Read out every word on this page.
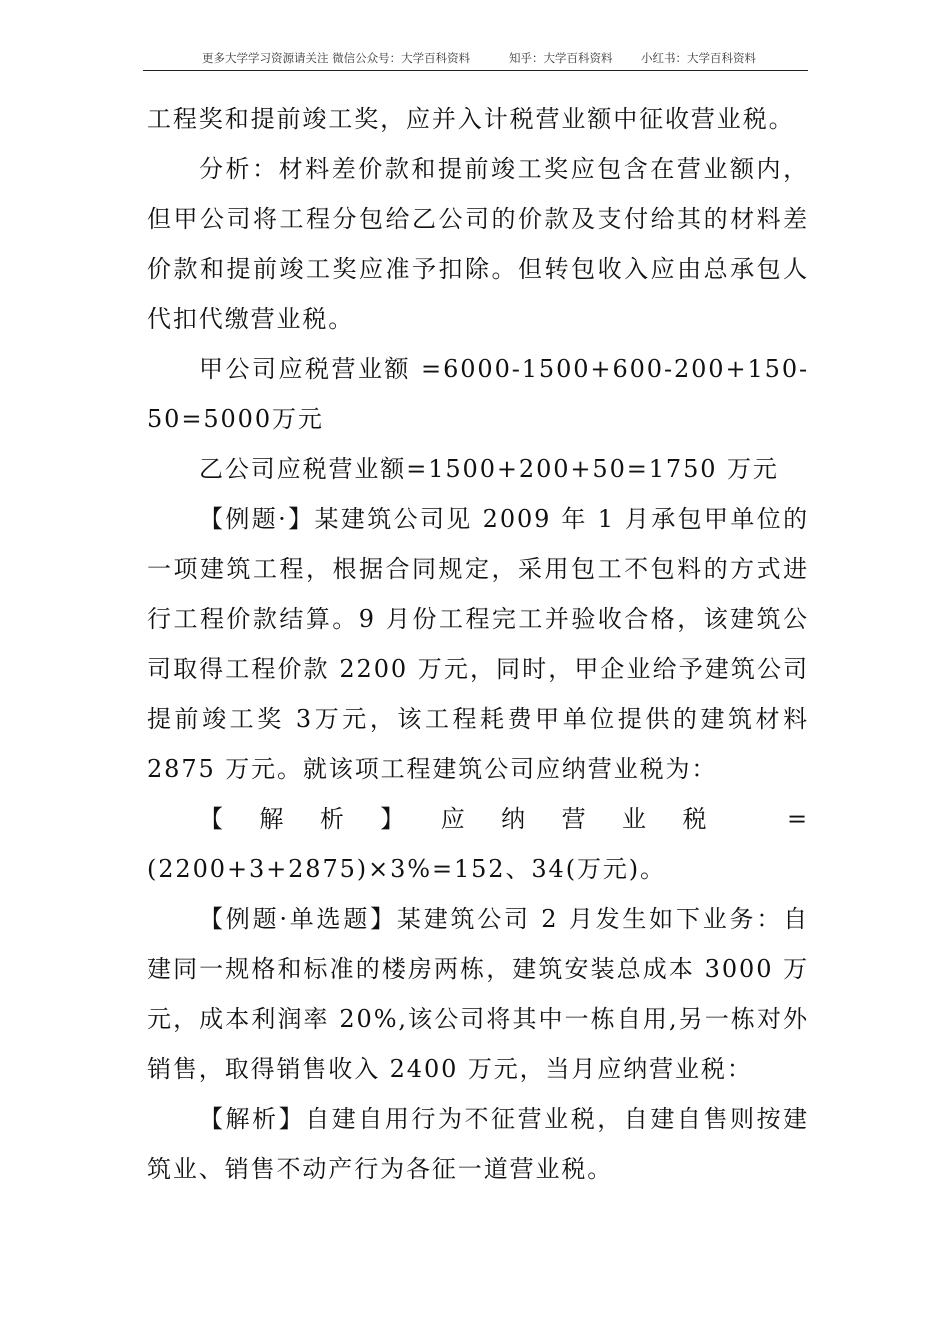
更多大学学习资源请关注 微信公众号：大学百科资料	知乎：大学百科资料 小红书：大学百科资料

工程奖和提前竣工奖，应并入计税营业额中征收营业税。

分析：材料差价款和提前竣工奖应包含在营业额内，但甲公司将工程分包给乙公司的价款及支付给其的材料差价款和提前竣工奖应准予扣除。但转包收入应由总承包人代扣代缴营业税。

甲公司应税营业额 =6000-1500+600-200+150-50=5000万元

乙公司应税营业额=1500+200+50=1750 万元

【例题·】某建筑公司见 2009 年 1 月承包甲单位的一项建筑工程，根据合同规定，采用包工不包料的方式进行工程价款结算。9 月份工程完工并验收合格，该建筑公司取得工程价款 2200 万元，同时，甲企业给予建筑公司提前竣工奖 3万元，该工程耗费甲单位提供的建筑材料 2875 万元。就该项工程建筑公司应纳营业税为：

【解析】应纳营业税 =(2200+3+2875)×3%=152、34(万元)。

【例题·单选题】某建筑公司 2 月发生如下业务：自建同一规格和标准的楼房两栋，建筑安装总成本 3000 万元，成本利润率 20%,该公司将其中一栋自用,另一栋对外销售，取得销售收入 2400 万元，当月应纳营业税：

【解析】自建自用行为不征营业税，自建自售则按建筑业、销售不动产行为各征一道营业税。
